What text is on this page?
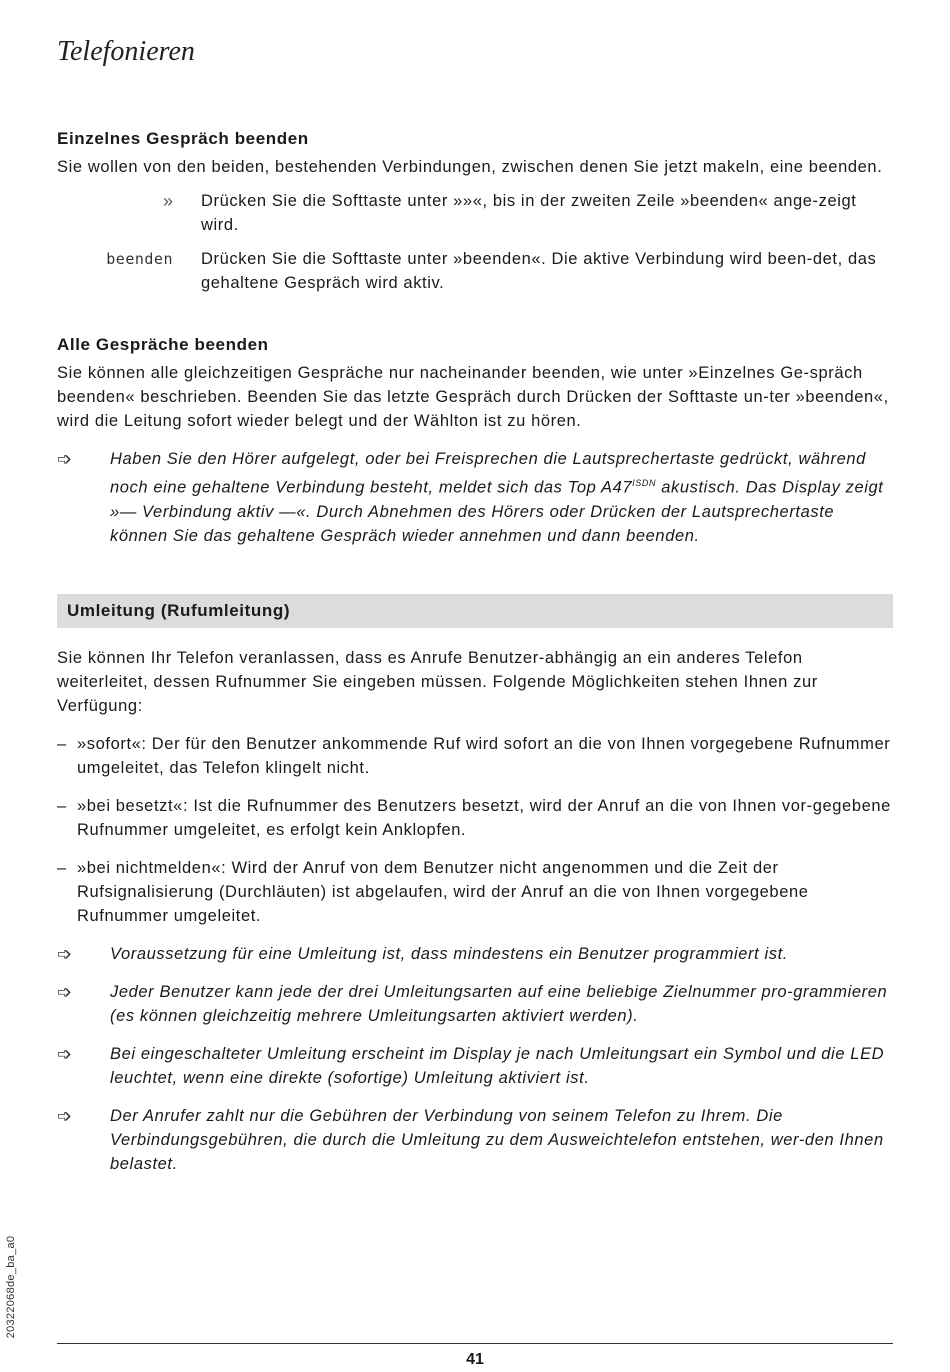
Telefonieren
Einzelnes Gespräch beenden

Sie wollen von den beiden, bestehenden Verbindungen, zwischen denen Sie jetzt makeln, eine beenden.

» Drücken Sie die Softtaste unter »»«, bis in der zweiten Zeile »beenden« ange-zeigt wird.
beenden Drücken Sie die Softtaste unter »beenden«. Die aktive Verbindung wird been-det, das gehaltene Gespräch wird aktiv.
Alle Gespräche beenden

Sie können alle gleichzeitigen Gespräche nur nacheinander beenden, wie unter »Einzelnes Ge-spräch beenden« beschrieben. Beenden Sie das letzte Gespräch durch Drücken der Softtaste un-ter »beenden«, wird die Leitung sofort wieder belegt und der Wählton ist zu hören.

➩ Haben Sie den Hörer aufgelegt, oder bei Freisprechen die Lautsprechertaste gedrückt, während noch eine gehaltene Verbindung besteht, meldet sich das Top $A47^{ISDN}$ akustisch. Das Display zeigt »— Verbindung aktiv —«. Durch Abnehmen des Hörers oder Drücken der Lautsprechertaste können Sie das gehaltene Gespräch wieder annehmen und dann beenden.
Umleitung (Rufumleitung)

Sie können Ihr Telefon veranlassen, dass es Anrufe Benutzer-abhängig an ein anderes Telefon weiterleitet, dessen Rufnummer Sie eingeben müssen. Folgende Möglichkeiten stehen Ihnen zur Verfügung:

– »sofort«: Der für den Benutzer ankommende Ruf wird sofort an die von Ihnen vorgegebene Rufnummer umgeleitet, das Telefon klingelt nicht.
– »bei besetzt«: Ist die Rufnummer des Benutzers besetzt, wird der Anruf an die von Ihnen vor-gegebene Rufnummer umgeleitet, es erfolgt kein Anklopfen.
– »bei nichtmelden«: Wird der Anruf von dem Benutzer nicht angenommen und die Zeit der Rufsignalisierung (Durchläuten) ist abgelaufen, wird der Anruf an die von Ihnen vorgegebene Rufnummer umgeleitet.
➩ Voraussetzung für eine Umleitung ist, dass mindestens ein Benutzer programmiert ist.
➩ Jeder Benutzer kann jede der drei Umleitungsarten auf eine beliebige Zielnummer pro-grammieren (es können gleichzeitig mehrere Umleitungsarten aktiviert werden).
➩ Bei eingeschalteter Umleitung erscheint im Display je nach Umleitungsart ein Symbol und die LED leuchtet, wenn eine direkte (sofortige) Umleitung aktiviert ist.
➩ Der Anrufer zahlt nur die Gebühren der Verbindung von seinem Telefon zu Ihrem. Die Verbindungsgebühren, die durch die Umleitung zu dem Ausweichtelefon entstehen, wer-den Ihnen belastet.
20322068de_ba_a0
41
